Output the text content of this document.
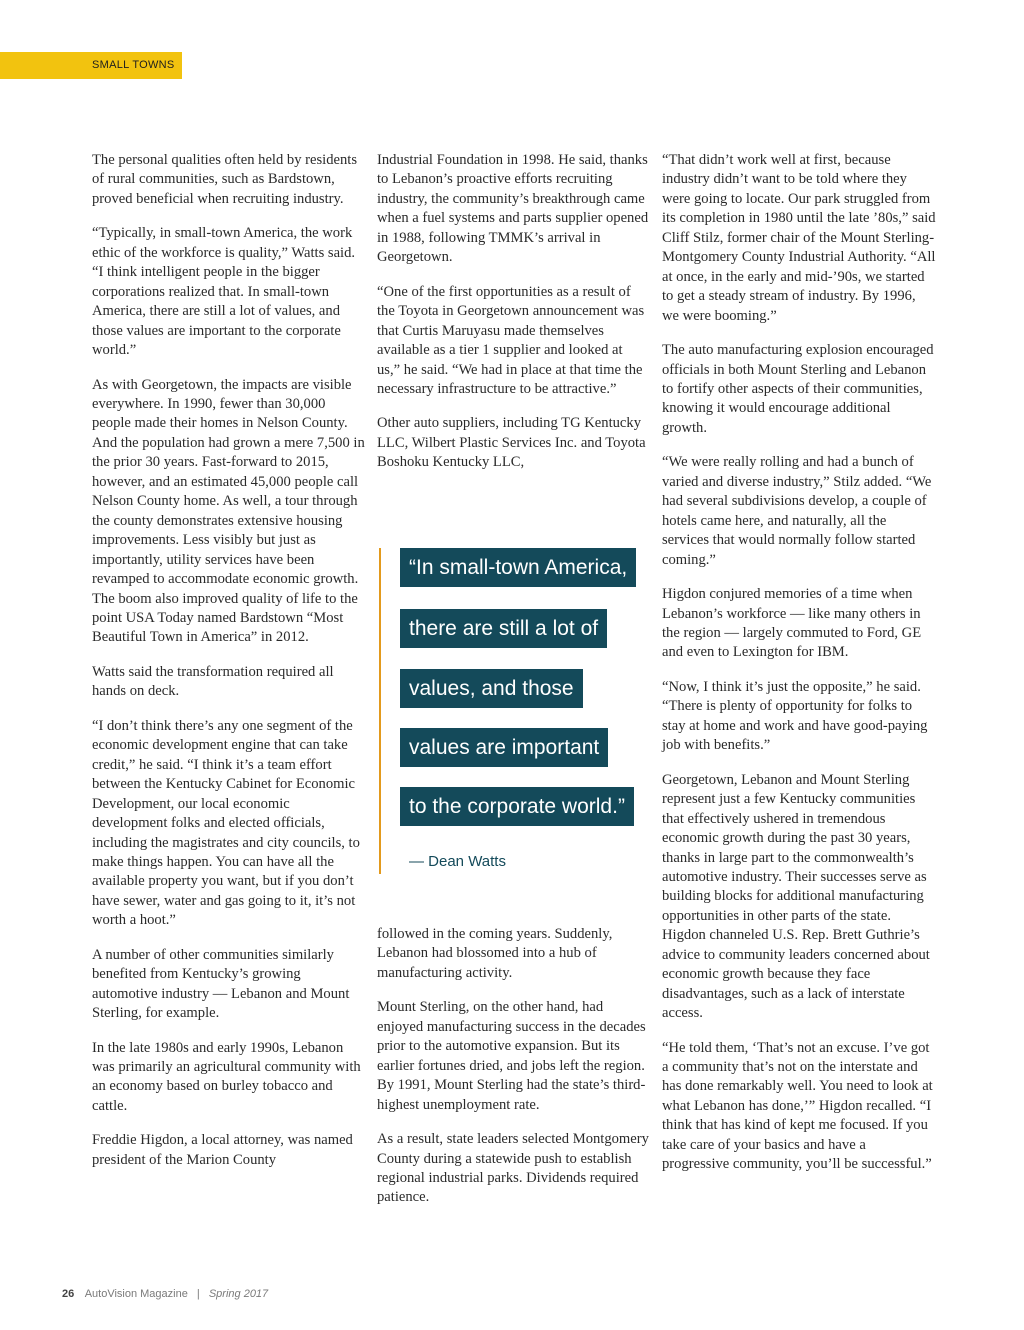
SMALL TOWNS

The personal qualities often held by residents of rural communities, such as Bardstown, proved beneficial when recruiting industry.

“Typically, in small-town America, the work ethic of the workforce is quality,” Watts said. “I think intelligent people in the bigger corporations realized that. In small-town America, there are still a lot of values, and those values are important to the corporate world.”

As with Georgetown, the impacts are visible everywhere. In 1990, fewer than 30,000 people made their homes in Nelson County. And the population had grown a mere 7,500 in the prior 30 years. Fast-forward to 2015, however, and an estimated 45,000 people call Nelson County home. As well, a tour through the county demonstrates extensive housing improvements. Less visibly but just as importantly, utility services have been revamped to accommodate economic growth. The boom also improved quality of life to the point USA Today named Bardstown “Most Beautiful Town in America” in 2012.

Watts said the transformation required all hands on deck.

“I don’t think there’s any one segment of the economic development engine that can take credit,” he said. “I think it’s a team effort between the Kentucky Cabinet for Economic Development, our local economic development folks and elected officials, including the magistrates and city councils, to make things happen. You can have all the available property you want, but if you don’t have sewer, water and gas going to it, it’s not worth a hoot.”

A number of other communities similarly benefited from Kentucky’s growing automotive industry — Lebanon and Mount Sterling, for example.

In the late 1980s and early 1990s, Lebanon was primarily an agricultural community with an economy based on burley tobacco and cattle.

Freddie Higdon, a local attorney, was named president of the Marion County

Industrial Foundation in 1998. He said, thanks to Lebanon’s proactive efforts recruiting industry, the community’s breakthrough came when a fuel systems and parts supplier opened in 1988, following TMMK’s arrival in Georgetown.

“One of the first opportunities as a result of the Toyota in Georgetown announcement was that Curtis Maruyasu made themselves available as a tier 1 supplier and looked at us,” he said. “We had in place at that time the necessary infrastructure to be attractive.”

Other auto suppliers, including TG Kentucky LLC, Wilbert Plastic Services Inc. and Toyota Boshoku Kentucky LLC,

“In small-town America,
there are still a lot of
values, and those
values are important
to the corporate world.”
— Dean Watts

followed in the coming years. Suddenly, Lebanon had blossomed into a hub of manufacturing activity.

Mount Sterling, on the other hand, had enjoyed manufacturing success in the decades prior to the automotive expansion. But its earlier fortunes dried, and jobs left the region. By 1991, Mount Sterling had the state’s third-highest unemployment rate.

As a result, state leaders selected Montgomery County during a statewide push to establish regional industrial parks. Dividends required patience.

“That didn’t work well at first, because industry didn’t want to be told where they were going to locate. Our park struggled from its completion in 1980 until the late ’80s,” said Cliff Stilz, former chair of the Mount Sterling-Montgomery County Industrial Authority. “All at once, in the early and mid-’90s, we started to get a steady stream of industry. By 1996, we were booming.”

The auto manufacturing explosion encouraged officials in both Mount Sterling and Lebanon to fortify other aspects of their communities, knowing it would encourage additional growth.

“We were really rolling and had a bunch of varied and diverse industry,” Stilz added. “We had several subdivisions develop, a couple of hotels came here, and naturally, all the services that would normally follow started coming.”

Higdon conjured memories of a time when Lebanon’s workforce — like many others in the region — largely commuted to Ford, GE and even to Lexington for IBM.

“Now, I think it’s just the opposite,” he said. “There is plenty of opportunity for folks to stay at home and work and have good-paying job with benefits.”

Georgetown, Lebanon and Mount Sterling represent just a few Kentucky communities that effectively ushered in tremendous economic growth during the past 30 years, thanks in large part to the commonwealth’s automotive industry. Their successes serve as building blocks for additional manufacturing opportunities in other parts of the state. Higdon channeled U.S. Rep. Brett Guthrie’s advice to community leaders concerned about economic growth because they face disadvantages, such as a lack of interstate access.

“He told them, ‘That’s not an excuse. I’ve got a community that’s not on the interstate and has done remarkably well. You need to look at what Lebanon has done,’” Higdon recalled. “I think that has kind of kept me focused. If you take care of your basics and have a progressive community, you’ll be successful.”

26 AutoVision Magazine | Spring 2017
